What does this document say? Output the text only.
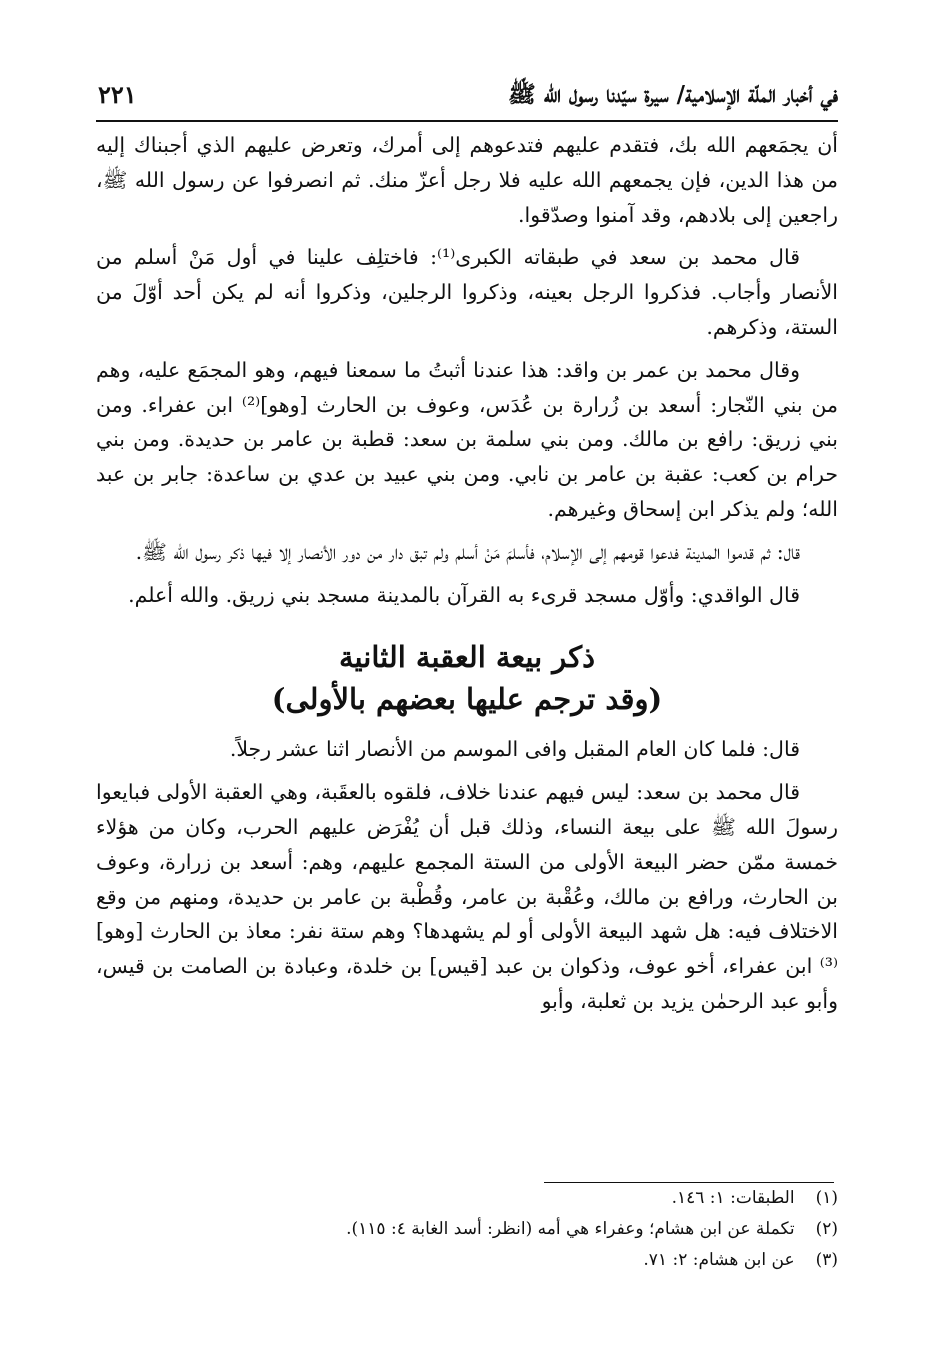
في أخبار الملّة الإسلامية/ سيرة سيّدنا رسول الله ﷺ
٢٢١

أن يجمَعهم الله بك، فتقدم عليهم فتدعوهم إلى أمرك، وتعرض عليهم الذي أجبناك إليه من هذا الدين، فإن يجمعهم الله عليه فلا رجل أعزّ منك. ثم انصرفوا عن رسول الله ﷺ، راجعين إلى بلادهم، وقد آمنوا وصدّقوا.

قال محمد بن سعد في طبقاته الكبرى⁽¹⁾: فاختلِف علينا في أول مَنْ أسلم من الأنصار وأجاب. فذكروا الرجل بعينه، وذكروا الرجلين، وذكروا أنه لم يكن أحد أوّلَ من الستة، وذكرهم.

وقال محمد بن عمر بن واقد: هذا عندنا أثبتُ ما سمعنا فيهم، وهو المجمَع عليه، وهم من بني النّجار: أسعد بن زُرارة بن عُدَس، وعوف بن الحارث [وهو]⁽²⁾ ابن عفراء. ومن بني زريق: رافع بن مالك. ومن بني سلمة بن سعد: قطبة بن عامر بن حديدة. ومن بني حرام بن كعب: عقبة بن عامر بن نابي. ومن بني عبيد بن عدي بن ساعدة: جابر بن عبد الله؛ ولم يذكر ابن إسحاق وغيرهم.

قال: ثم قدموا المدينة فدعوا قومهم إلى الإسلام، فأسلمَ مَنْ أسلم ولم تبق دار من دور الأنصار إلا فيها ذكر رسول الله ﷺ.

قال الواقدي: وأوّل مسجد قرىء به القرآن بالمدينة مسجد بني زريق. والله أعلم.

ذكر بيعة العقبة الثانية
(وقد ترجم عليها بعضهم بالأولى)

قال: فلما كان العام المقبل وافى الموسم من الأنصار اثنا عشر رجلاً.

قال محمد بن سعد: ليس فيهم عندنا خلاف، فلقوه بالعقَبة، وهي العقبة الأولى فبايعوا رسولَ الله ﷺ على بيعة النساء، وذلك قبل أن يُفْرَض عليهم الحرب، وكان من هؤلاء خمسة ممّن حضر البيعة الأولى من الستة المجمع عليهم، وهم: أسعد بن زرارة، وعوف بن الحارث، ورافع بن مالك، وعُقْبة بن عامر، وقُطْبة بن عامر بن حديدة، ومنهم من وقع الاختلاف فيه: هل شهد البيعة الأولى أو لم يشهدها؟ وهم ستة نفر: معاذ بن الحارث [وهو]⁽³⁾ ابن عفراء، أخو عوف، وذكوان بن عبد [قيس] بن خلدة، وعبادة بن الصامت بن قيس، وأبو عبد الرحمٰن يزيد بن ثعلبة، وأبو

(١) الطبقات: ١: ١٤٦.

(٢) تكملة عن ابن هشام؛ وعفراء هي أمه (انظر: أسد الغابة ٤: ١١٥).

(٣) عن ابن هشام: ٢: ٧١.
